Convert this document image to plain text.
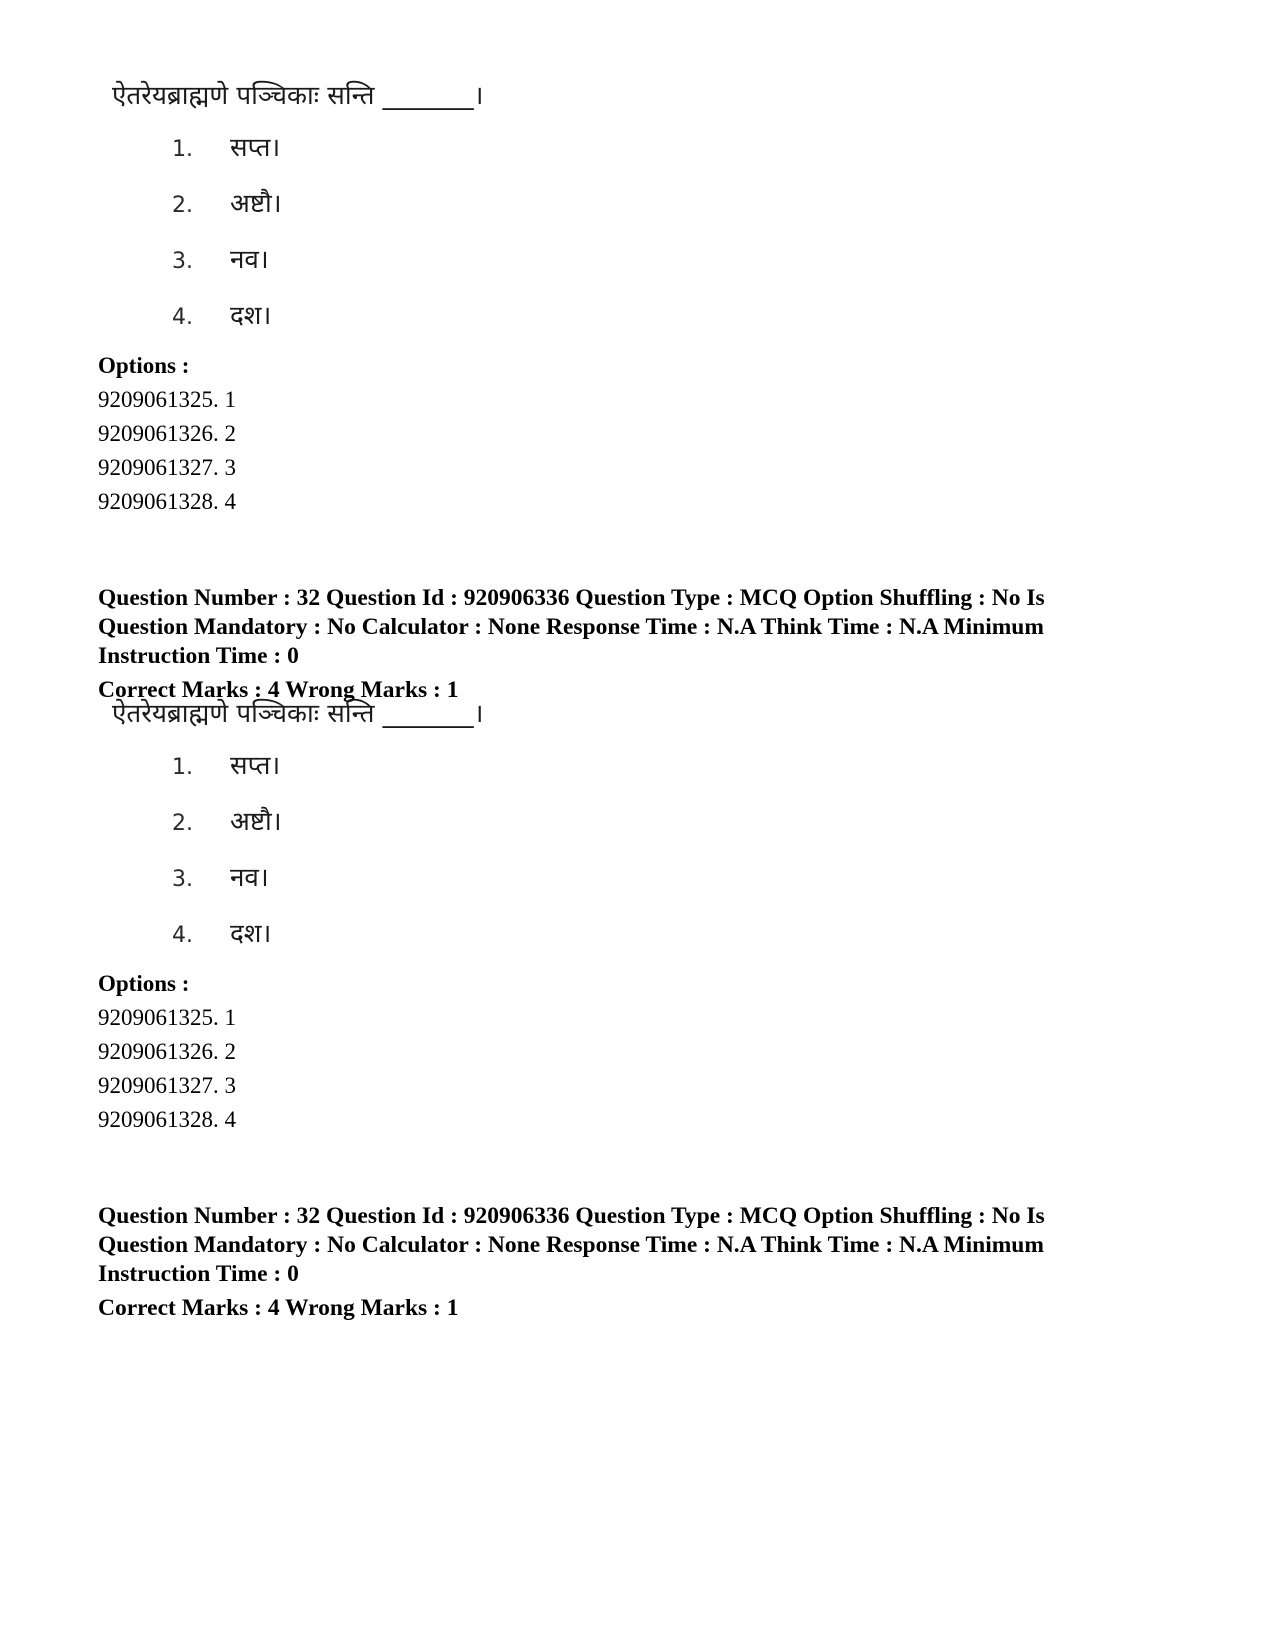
ऐतरेयब्राह्मणे पञ्चिकाः सन्ति _______।
1. सप्त।
2. अष्टौ।
3. नव।
4. दश।
Options :
9209061325. 1
9209061326. 2
9209061327. 3
9209061328. 4
Question Number : 32 Question Id : 920906336 Question Type : MCQ Option Shuffling : No Is
Question Mandatory : No Calculator : None Response Time : N.A Think Time : N.A Minimum
Instruction Time : 0
Correct Marks : 4 Wrong Marks : 1
ऐतरेयब्राह्मणे पञ्चिकाः सन्ति _______।
1. सप्त।
2. अष्टौ।
3. नव।
4. दश।
Options :
9209061325. 1
9209061326. 2
9209061327. 3
9209061328. 4
Question Number : 32 Question Id : 920906336 Question Type : MCQ Option Shuffling : No Is
Question Mandatory : No Calculator : None Response Time : N.A Think Time : N.A Minimum
Instruction Time : 0
Correct Marks : 4 Wrong Marks : 1
